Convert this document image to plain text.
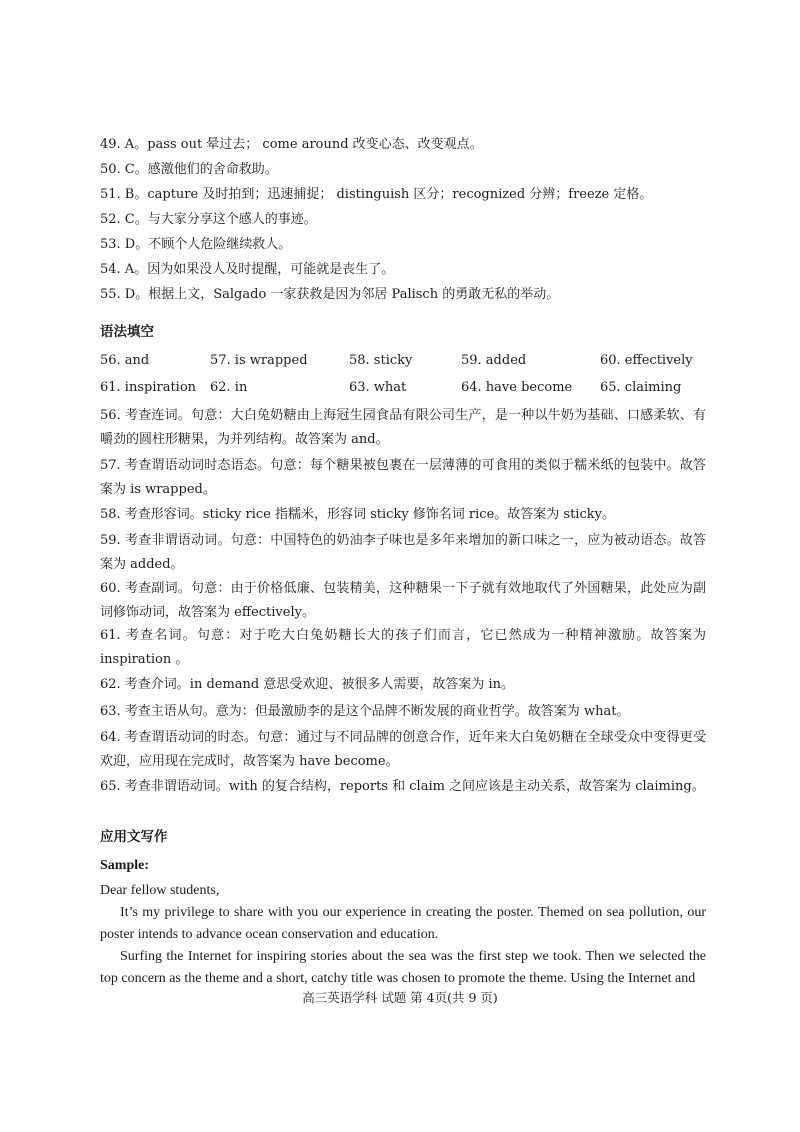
49. A。pass out 晕过去； come around 改变心态、改变观点。
50. C。感激他们的舍命救助。
51. B。capture 及时拍到；迅速捕捉； distinguish 区分；recognized 分辨；freeze 定格。
52. C。与大家分享这个感人的事迹。
53. D。不顾个人危险继续救人。
54. A。因为如果没人及时提醒，可能就是丧生了。
55. D。根据上文，Salgado 一家获救是因为邻居 Palisch 的勇敢无私的举动。
语法填空
56. and	57. is wrapped	58. sticky	59. added	60. effectively
61. inspiration 62. in	63. what	64. have become 65. claiming
56. 考查连词。句意：大白兔奶糖由上海冠生园食品有限公司生产，是一种以牛奶为基础、口感柔软、有嚼劲的圆柱形糖果，为并列结构。故答案为 and。
57. 考查谓语动词时态语态。句意：每个糖果被包裹在一层薄薄的可食用的类似于糯米纸的包装中。故答案为 is wrapped。
58. 考查形容词。sticky rice 指糯米，形容词 sticky 修饰名词 rice。故答案为 sticky。
59. 考查非谓语动词。句意：中国特色的奶油李子味也是多年来增加的新口味之一，应为被动语态。故答案为 added。
60. 考查副词。句意：由于价格低廉、包装精美，这种糖果一下子就有效地取代了外国糖果，此处应为副词修饰动词，故答案为 effectively。
61. 考查名词。句意：对于吃大白兔奶糖长大的孩子们而言，它已然成为一种精神激励。故答案为 inspiration 。
62. 考查介词。in demand 意思受欢迎、被很多人需要，故答案为 in。
63. 考查主语从句。意为：但最激励李的是这个品牌不断发展的商业哲学。故答案为 what。
64. 考查谓语动词的时态。句意：通过与不同品牌的创意合作，近年来大白兔奶糖在全球受众中变得更受欢迎，应用现在完成时，故答案为 have become。
65. 考查非谓语动词。with 的复合结构，reports 和 claim 之间应该是主动关系，故答案为 claiming。
应用文写作
Sample:
Dear fellow students,
It’s my privilege to share with you our experience in creating the poster. Themed on sea pollution, our poster intends to advance ocean conservation and education.
Surfing the Internet for inspiring stories about the sea was the first step we took. Then we selected the top concern as the theme and a short, catchy title was chosen to promote the theme. Using the Internet and
高三英语学科 试题 第 4页(共 9 页)
